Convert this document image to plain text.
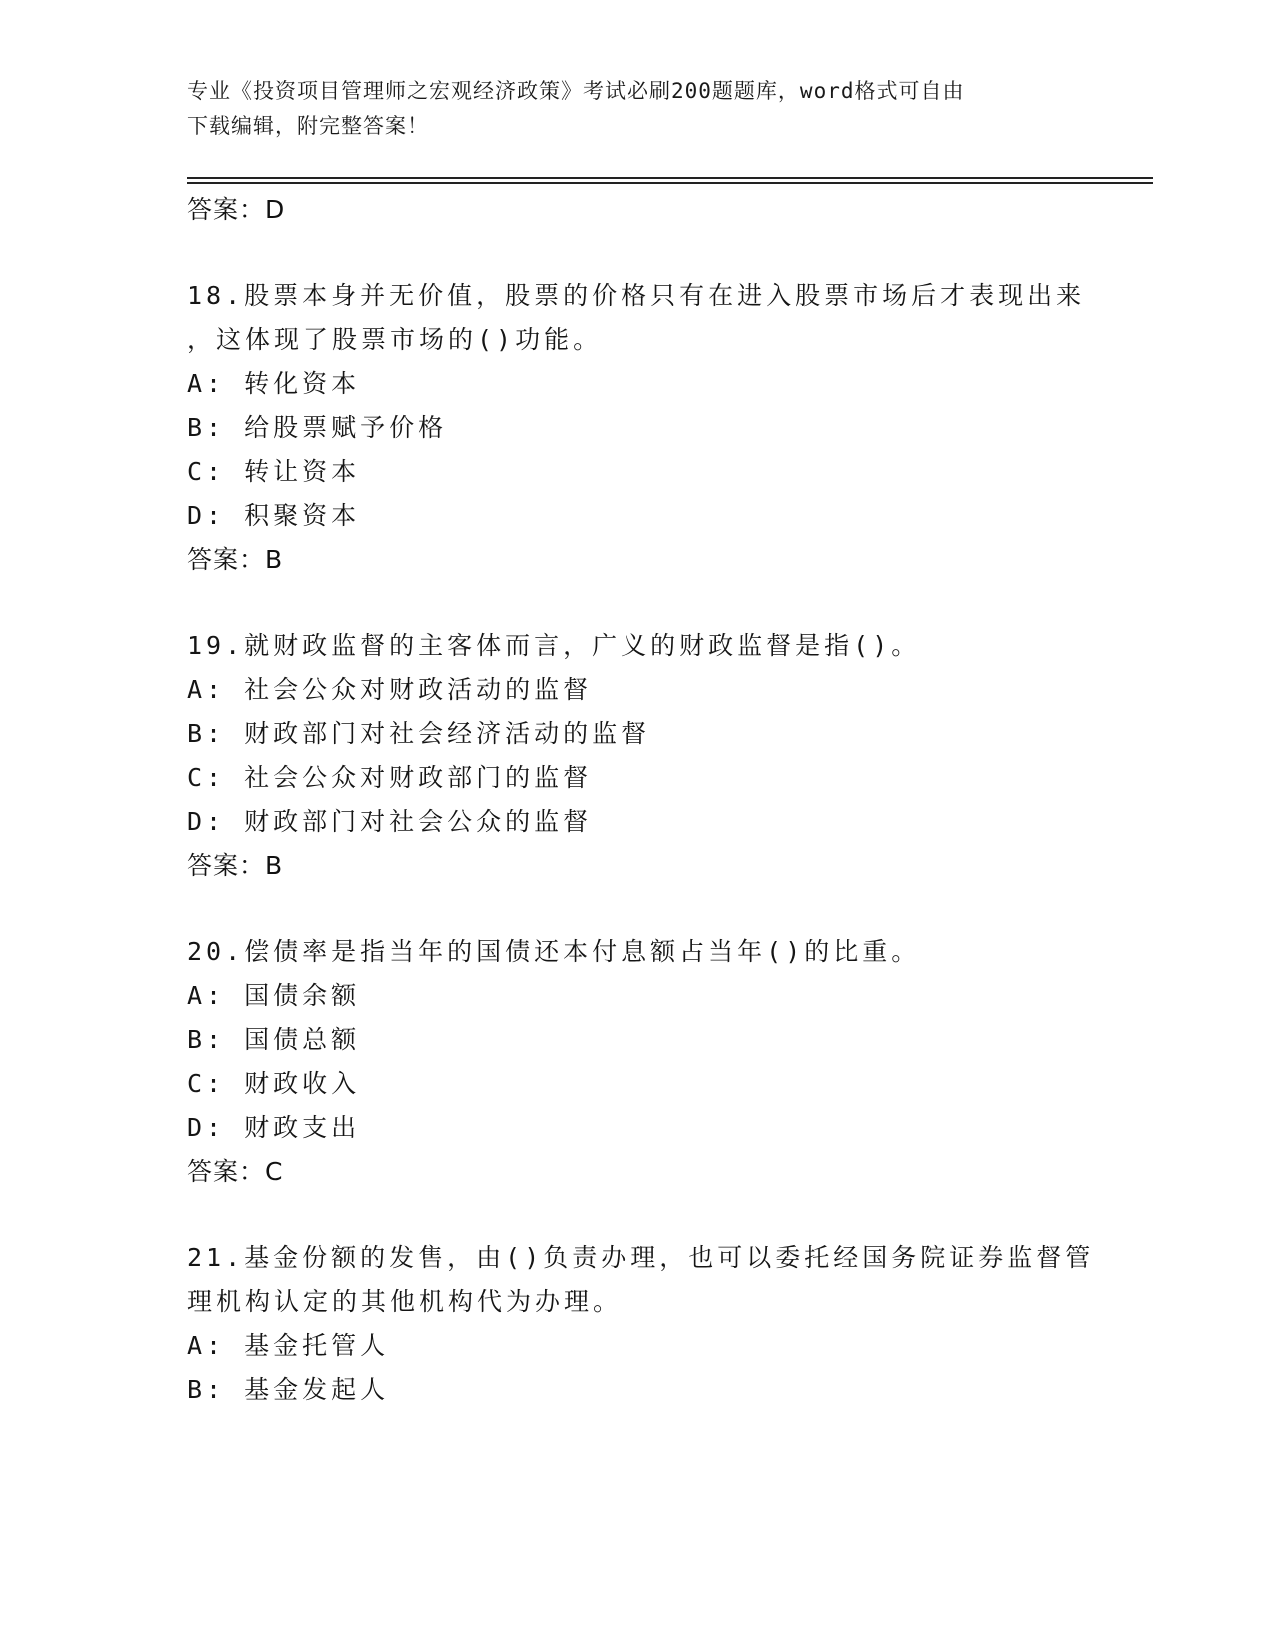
专业《投资项目管理师之宏观经济政策》考试必刷200题题库，word格式可自由
下载编辑，附完整答案！
答案：D
18.股票本身并无价值，股票的价格只有在进入股票市场后才表现出来
，这体现了股票市场的()功能。
A: 转化资本
B: 给股票赋予价格
C: 转让资本
D: 积聚资本
答案：B
19.就财政监督的主客体而言，广义的财政监督是指()。
A: 社会公众对财政活动的监督
B: 财政部门对社会经济活动的监督
C: 社会公众对财政部门的监督
D: 财政部门对社会公众的监督
答案：B
20.偿债率是指当年的国债还本付息额占当年()的比重。
A: 国债余额
B: 国债总额
C: 财政收入
D: 财政支出
答案：C
21.基金份额的发售，由()负责办理，也可以委托经国务院证券监督管
理机构认定的其他机构代为办理。
A: 基金托管人
B: 基金发起人
